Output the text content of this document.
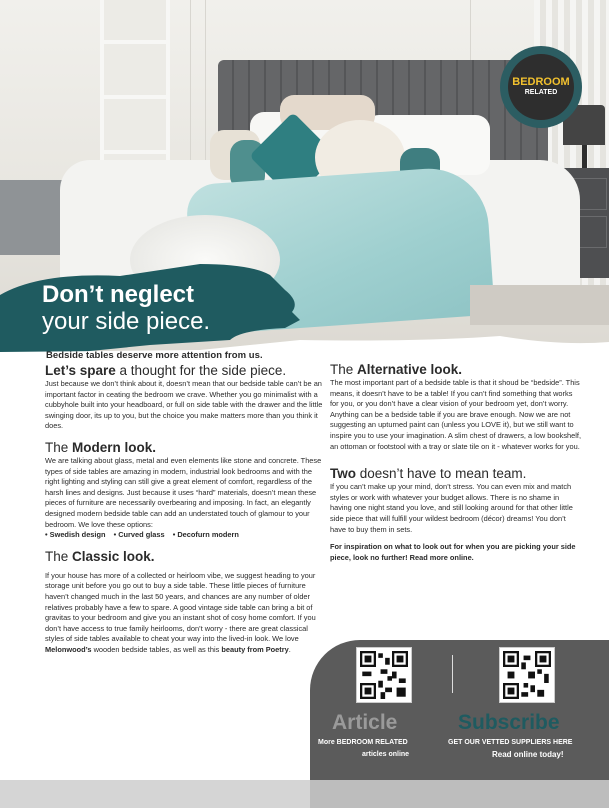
Don’t neglect

your side piece.

BEDROOM
RELATED
Bedside tables deserve more attention from us.
Let’s spare a thought for the side piece.

Just because we don’t think about it, doesn’t mean that our bedside table can’t be an important factor in ceating the bedroom we crave. Whether you go minimalist with a cubbyhole built into your headboard, or full on side table with the drawer and the little swinging door, its up to you, but the choice you make matters more than you think it does.

The Modern look.

We are talking about glass, metal and even elements like stone and concrete. These types of side tables are amazing in modern, industrial look bedrooms and with the right lighting and styling can still give a great element of comfort, regardless of the harsh lines and designs. Just because it uses “hard” materials, doesn’t mean these pieces of furniture are necessarily overbearing and imposing. In fact, an elegantly designed modern bedside table can add an understated touch of glamour to your bedroom. We love these options:

• Swedish design • Curved glass • Decofurn modern

The Classic look.

If your house has more of a collected or heirloom vibe, we suggest heading to your storage unit before you go out to buy a side table. These little pieces of furniture haven’t changed much in the last 50 years, and chances are any number of older relatives probably have a few to spare. A good vintage side table can bring a bit of gravitas to your bedroom and give you an instant shot of cosy home comfort. If you don’t have access to true family heirlooms, don’t worry - there are great classical styles of side tables available to cheat your way into the lived-in look. We love Melonwood’s wooden bedside tables, as well as this beauty from Poetry.

The Alternative look.

The most important part of a bedside table is that it shoud be “bedside”. This means, it doesn’t have to be a table! If you can’t find something that works for you, or you don’t have a clear vision of your bedroom yet, don’t worry. Anything can be a bedside table if you are brave enough. Now we are not suggesting an upturned paint can (unless you LOVE it), but we still want to inspire you to use your imagination. A slim chest of drawers, a low bookshelf, an ottoman or footstool with a tray or slate tile on it - whatever works for you.

Two doesn’t have to mean team.

If you can’t make up your mind, don’t stress. You can even mix and match styles or work with whatever your budget allows. There is no shame in having one night stand you love, and still looking around for that other little side piece that will fulfill your wildest bedroom (décor) dreams! You don’t have to buy them in sets.

For inspiration on what to look out for when you are picking your side piece, look no further! Read more online.

Article
More BEDROOM RELATED
articles online
Subscribe
GET OUR VETTED SUPPLIERS HERE
Read online today!
